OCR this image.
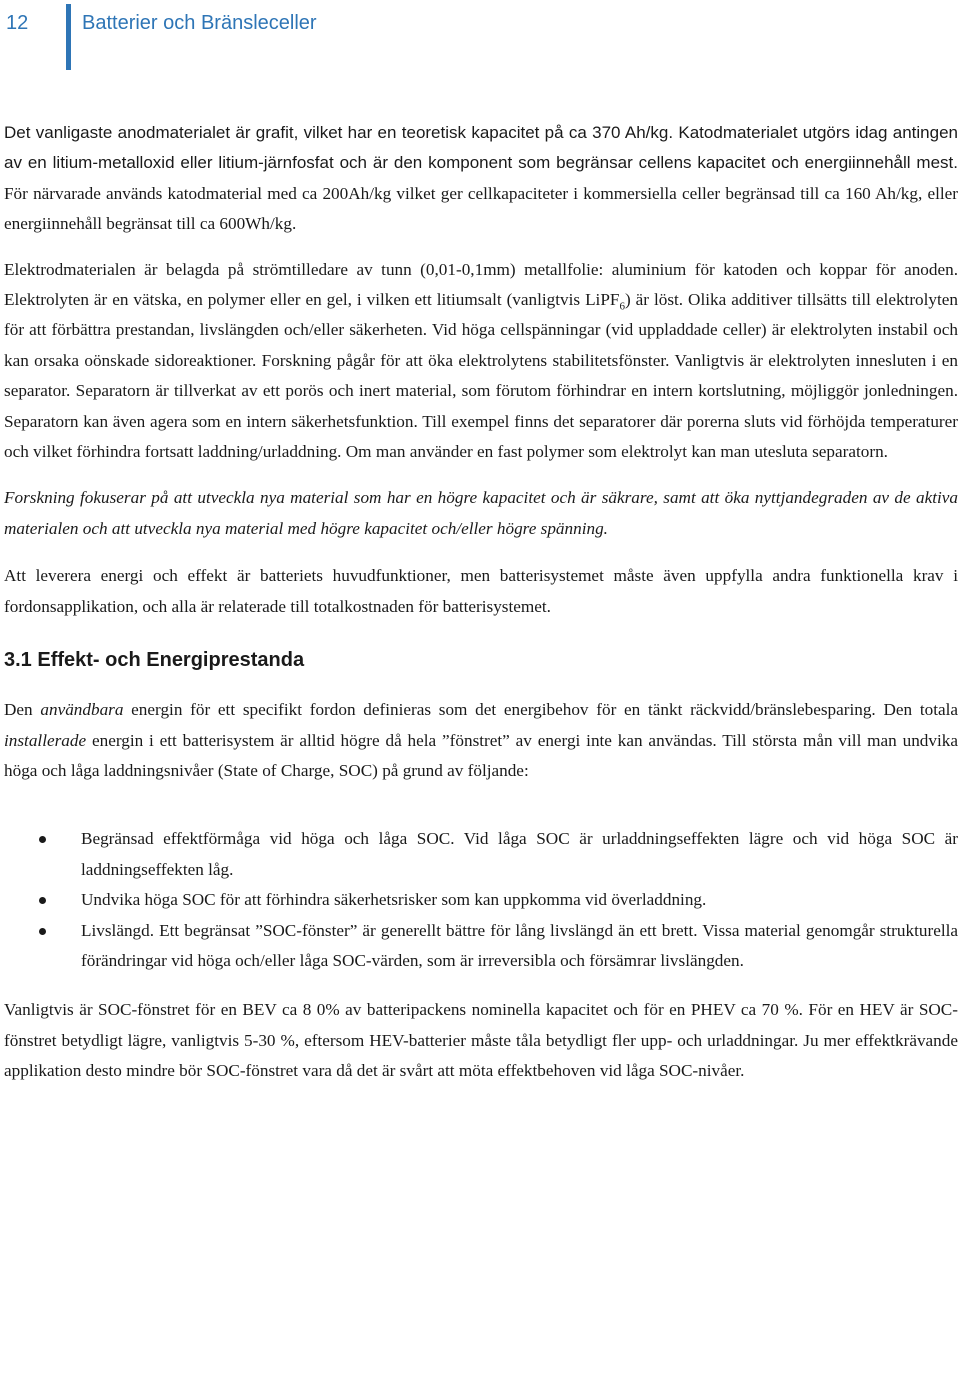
12	Batterier och Bränsleceller

Det vanligaste anodmaterialet är grafit, vilket har en teoretisk kapacitet på ca 370 Ah/kg. Katodmaterialet utgörs idag antingen av en litium-metalloxid eller litium-järnfosfat och är den komponent som begränsar cellens kapacitet och energiinnehåll mest. För närvarade används katodmaterial med ca 200Ah/kg vilket ger cellkapaciteter i kommersiella celler begränsad till ca 160 Ah/kg, eller energiinnehåll begränsat till ca 600Wh/kg.

Elektrodmaterialen är belagda på strömtilledare av tunn (0,01-0,1mm) metallfolie: aluminium för katoden och koppar för anoden. Elektrolyten är en vätska, en polymer eller en gel, i vilken ett litiumsalt (vanligtvis LiPF$_6$) är löst. Olika additiver tillsätts till elektrolyten för att förbättra prestandan, livslängden och/eller säkerheten. Vid höga cellspänningar (vid uppladdade celler) är elektrolyten instabil och kan orsaka oönskade sidoreaktioner. Forskning pågår för att öka elektrolytens stabilitetsfönster. Vanligtvis är elektrolyten innesluten i en separator. Separatorn är tillverkat av ett porös och inert material, som förutom förhindrar en intern kortslutning, möjliggör jonledningen. Separatorn kan även agera som en intern säkerhetsfunktion. Till exempel finns det separatorer där porerna sluts vid förhöjda temperaturer och vilket förhindra fortsatt laddning/urladdning. Om man använder en fast polymer som elektrolyt kan man utesluta separatorn.

Forskning fokuserar på att utveckla nya material som har en högre kapacitet och är säkrare, samt att öka nyttjandegraden av de aktiva materialen och att utveckla nya material med högre kapacitet och/eller högre spänning.

Att leverera energi och effekt är batteriets huvudfunktioner, men batterisystemet måste även uppfylla andra funktionella krav i fordonsapplikation, och alla är relaterade till totalkostnaden för batterisystemet.

3.1 Effekt- och Energiprestanda

Den användbara energin för ett specifikt fordon definieras som det energibehov för en tänkt räckvidd/bränslebesparing. Den totala installerade energin i ett batterisystem är alltid högre då hela ”fönstret” av energi inte kan användas. Till största mån vill man undvika höga och låga laddningsnivåer (State of Charge, SOC) på grund av följande:

Begränsad effektförmåga vid höga och låga SOC. Vid låga SOC är urladdningseffekten lägre och vid höga SOC är laddningseffekten låg.

Undvika höga SOC för att förhindra säkerhetsrisker som kan uppkomma vid överladdning.

Livslängd. Ett begränsat ”SOC-fönster” är generellt bättre för lång livslängd än ett brett. Vissa material genomgår strukturella förändringar vid höga och/eller låga SOC-värden, som är irreversibla och försämrar livslängden.

Vanligtvis är SOC-fönstret för en BEV ca 8 0% av batteripackens nominella kapacitet och för en PHEV ca 70 %. För en HEV är SOC-fönstret betydligt lägre, vanligtvis 5-30 %, eftersom HEV-batterier måste tåla betydligt fler upp- och urladdningar. Ju mer effektkrävande applikation desto mindre bör SOC-fönstret vara då det är svårt att möta effektbehoven vid låga SOC-nivåer.
